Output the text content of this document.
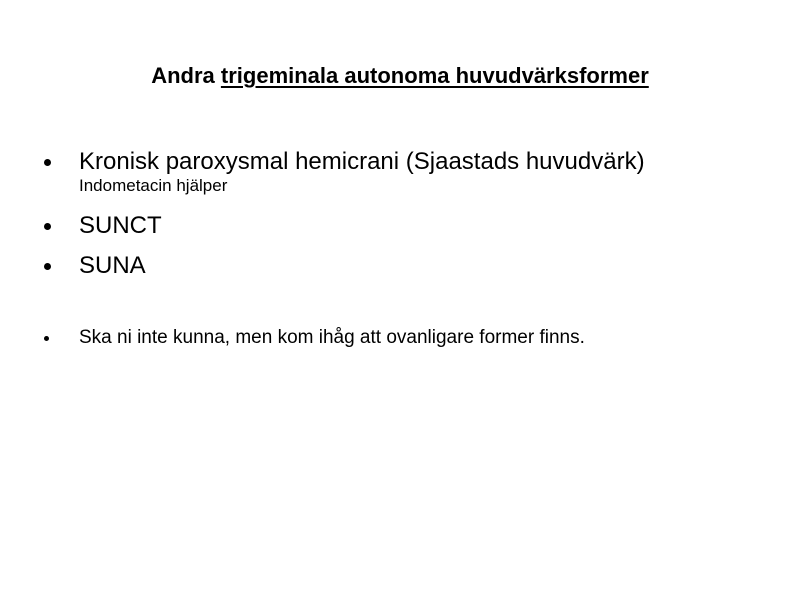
Andra trigeminala autonoma huvudvärksformer
Kronisk paroxysmal hemicrani (Sjaastads huvudvärk)
Indometacin hjälper
SUNCT
SUNA
Ska ni inte kunna, men kom ihåg att ovanligare former finns.
